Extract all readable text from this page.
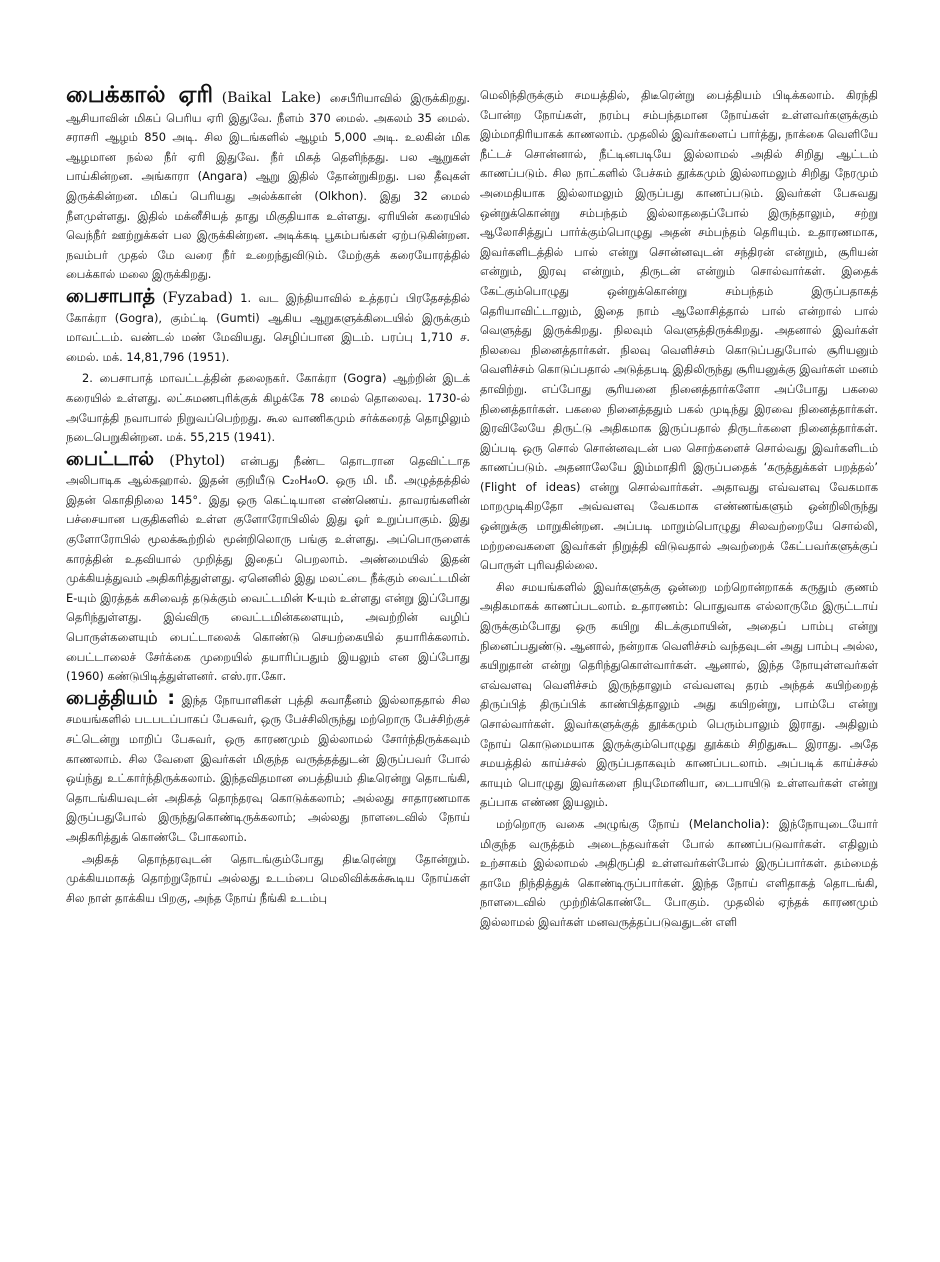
பைக்கால் ஏரி (Baikal Lake) சைபீரியாவில் இருக்கிறது. ஆசியாவின் மிகப் பெரிய ஏரி இதுவே. நீளம் 370 மைல். அகலம் 35 மைல். சராசரி ஆழம் 850 அடி. சில இடங்களில் ஆழம் 5,000 அடி. உலகின் மிக ஆழமான நல்ல நீர் ஏரி இதுவே. நீர் மிகத் தெளிந்தது. பல ஆறுகள் பாய்கின்றன. அங்காரா (Angara) ஆறு இதில் தோன்றுகிறது. பல தீவுகள் இருக்கின்றன. மிகப் பெரியது அல்க்கான் (Olkhon). இது 32 மைல் நீளமுள்ளது. இதில் மக்னீசியத் தாது மிகுதியாக உள்ளது. ஏரியின் கரையில் வெந்நீர் ஊற்றுக்கள் பல இருக்கின்றன. அடிக்கடி பூகம்பங்கள் ஏற்படுகின்றன. நவம்பர் முதல் மே வரை நீர் உறைந்துவிடும். மேற்குக் கரையோரத்தில் பைக்கால் மலை இருக்கிறது.

பைசாபாத் (Fyzabad) 1. வட இந்தியாவில் உத்தரப் பிரதேசத்தில் கோக்ரா (Gogra), கும்ட்டி (Gumti) ஆகிய ஆறுகளுக்கிடையில் இருக்கும் மாவட்டம். வண்டல் மண் மேவியது. செழிப்பான இடம். பரப்பு 1,710 ச. மைல். மக். 14,81,796 (1951).

2. பைசாபாத் மாவட்டத்தின் தலைநகர். கோக்ரா (Gogra) ஆற்றின் இடக் கரையில் உள்ளது. லட்சுமணபுரிக்குக் கிழக்கே 78 மைல் தொலைவு. 1730-ல் அயோத்தி நவாபால் நிறுவப்பெற்றது. கூல வாணிகமும் சர்க்கரைத் தொழிலும் நடைபெறுகின்றன. மக். 55,215 (1941).

பைட்டால் (Phytol) என்பது நீண்ட தொடரான தெவிட்டாத அலிபாடிக ஆல்கஹால். இதன் குறியீடு C₂₀H₄₀O. ஒரு மி. மீ. அழுத்தத்தில் இதன் கொதிநிலை 145°. இது ஒரு கெட்டியான எண்ணெய். தாவரங்களின் பச்சையான பகுதிகளில் உள்ள குளோரோபிலில் இது ஓர் உறுப்பாகும். இது குளோரோபில் மூலக்கூற்றில் மூன்றிலொரு பங்கு உள்ளது. அப்பொருளைக் காரத்தின் உதவியால் முறித்து இதைப் பெறலாம். அண்மையில் இதன் முக்கியத்துவம் அதிகரித்துள்ளது. ஏனெனில் இது மலட்டை நீக்கும் வைட்டமின் E-யும் இரத்தக் கசிவைத் தடுக்கும் வைட்டமின் K-யும் உள்ளது என்று இப்போது தெரிந்துள்ளது. இவ்விரு வைட்டமின்களையும், அவற்றின் வழிப் பொருள்களையும் பைட்டாலைக் கொண்டு செயற்கையில் தயாரிக்கலாம். பைட்டாலைச் சேர்க்கை முறையில் தயாரிப்பதும் இயலும் என இப்போது (1960) கண்டுபிடித்துள்ளனர். எஸ்.ரா.கோ.

பைத்தியம் : இந்த நோயாளிகள் புத்தி சுவாதீனம் இல்லாததால் சில சமயங்களில் படபடப்பாகப் பேசுவர், ஒரு பேச்சிலிருந்து மற்றொரு பேச்சிற்குச் சட்டென்று மாறிப் பேசுவர், ஒரு காரணமும் இல்லாமல் சோர்ந்திருக்கவும் காணலாம். சில வேளை இவர்கள் மிகுந்த வருத்தத்துடன் இருப்பவர் போல் ஒய்ந்து உட்கார்ந்திருக்கலாம். இந்தவிதமான பைத்தியம் திடீரென்று தொடங்கி, தொடங்கியவுடன் அதிகத் தொந்தரவு கொடுக்கலாம்; அல்லது சாதாரணமாக இருப்பதுபோல் இருந்துகொண்டிருக்கலாம்; அல்லது நாளடைவில் நோய் அதிகரித்துக் கொண்டே போகலாம்.

அதிகத் தொந்தரவுடன் தொடங்கும்போது திடீரென்று தோன்றும். முக்கியமாகத் தொற்றுநோய் அல்லது உடம்பை மெலிவிக்கக்கூடிய நோய்கள் சில நாள் தாக்கிய பிறகு, அந்த நோய் நீங்கி உடம்பு

மெலிந்திருக்கும் சமயத்தில், திடீரென்று பைத்தியம் பிடிக்கலாம். கிரந்தி போன்ற நோய்கள், நரம்பு சம்பந்தமான நோய்கள் உள்ளவர்களுக்கும் இம்மாதிரியாகக் காணலாம். முதலில் இவர்களைப் பார்த்து, நாக்கை வெளியே நீட்டச் சொன்னால், நீட்டினபடியே இல்லாமல் அதில் சிறிது ஆட்டம் காணப்படும். சில நாட்களில் பேச்சும் தூக்கமும் இல்லாமலும் சிறிது நேரமும் அமைதியாக இல்லாமலும் இருப்பது காணப்படும். இவர்கள் பேசுவது ஒன்றுக்கொன்று சம்பந்தம் இல்லாததைப்போல் இருந்தாலும், சற்று ஆலோசித்துப் பார்க்கும்பொழுது அதன் சம்பந்தம் தெரியும். உதாரணமாக, இவர்களிடத்தில் பால் என்று சொன்னவுடன் சந்திரன் என்றும், சூரியன் என்றும், இரவு என்றும், திருடன் என்றும் சொல்வார்கள். இதைக் கேட்கும்பொழுது ஒன்றுக்கொன்று சம்பந்தம் இருப்பதாகத் தெரியாவிட்டாலும், இதை நாம் ஆலோசித்தால் பால் என்றால் பால் வெளுத்து இருக்கிறது. நிலவும் வெளுத்திருக்கிறது. அதனால் இவர்கள் நிலவை நினைத்தார்கள். நிலவு வெளிச்சம் கொடுப்பதுபோல் சூரியனும் வெளிச்சம் கொடுப்பதால் அடுத்தபடி இதிலிருந்து சூரியனுக்கு இவர்கள் மனம் தாவிற்று. எப்போது சூரியனை நினைத்தார்களோ அப்போது பகலை நினைத்தார்கள். பகலை நினைத்ததும் பகல் முடிந்து இரவை நினைத்தார்கள். இரவிலேயே திருட்டு அதிகமாக இருப்பதால் திருடர்களை நினைத்தார்கள். இப்படி ஒரு சொல் சொன்னவுடன் பல சொற்களைச் சொல்வது இவர்களிடம் காணப்படும். அதனாலேயே இம்மாதிரி இருப்பதைக் ‘கருத்துக்கள் பறத்தல்’ (Flight of ideas) என்று சொல்வார்கள். அதாவது எவ்வளவு வேகமாக மாறமுடிகிறதோ அவ்வளவு வேகமாக எண்ணங்களும் ஒன்றிலிருந்து ஒன்றுக்கு மாறுகின்றன. அப்படி மாறும்பொழுது சிலவற்றையே சொல்லி, மற்றவைகளை இவர்கள் நிறுத்தி விடுவதால் அவற்றைக் கேட்பவர்களுக்குப் பொருள் புரிவதில்லை.

சில சமயங்களில் இவர்களுக்கு ஒன்றை மற்றொன்றாகக் கருதும் குணம் அதிகமாகக் காணப்படலாம். உதாரணம்: பொதுவாக எல்லாருமே இருட்டாய் இருக்கும்போது ஒரு கயிறு கிடக்குமாயின், அதைப் பாம்பு என்று நினைப்பதுண்டு. ஆனால், நன்றாக வெளிச்சம் வந்தவுடன் அது பாம்பு அல்ல, கயிறுதான் என்று தெரிந்துகொள்வார்கள். ஆனால், இந்த நோயுள்ளவர்கள் எவ்வளவு வெளிச்சம் இருந்தாலும் எவ்வளவு தரம் அந்தக் கயிற்றைத் திருப்பித் திருப்பிக் காண்பித்தாலும் அது கயிறன்று, பாம்பே என்று சொல்வார்கள். இவர்களுக்குத் தூக்கமும் பெரும்பாலும் இராது. அதிலும் நோய் கொடுமையாக இருக்கும்பொழுது தூக்கம் சிறிதுகூட இராது. அதே சமயத்தில் காய்ச்சல் இருப்பதாகவும் காணப்படலாம். அப்படிக் காய்ச்சல் காயும் பொழுது இவர்களை நியுமோனியா, டைபாயிடு உள்ளவர்கள் என்று தப்பாக எண்ண இயலும்.

மற்றொரு வகை அழுங்கு நோய் (Melancholia): இந்நோயுடையோர் மிகுந்த வருத்தம் அடைந்தவர்கள் போல் காணப்படுவார்கள். எதிலும் உற்சாகம் இல்லாமல் அதிருப்தி உள்ளவர்கள்போல் இருப்பார்கள். தம்மைத் தாமே நிந்தித்துக் கொண்டிருப்பார்கள். இந்த நோய் எளிதாகத் தொடங்கி, நாளடைவில் முற்றிக்கொண்டே போகும். முதலில் ஏந்தக் காரணமும் இல்லாமல் இவர்கள் மனவருத்தப்படுவதுடன் எளி
